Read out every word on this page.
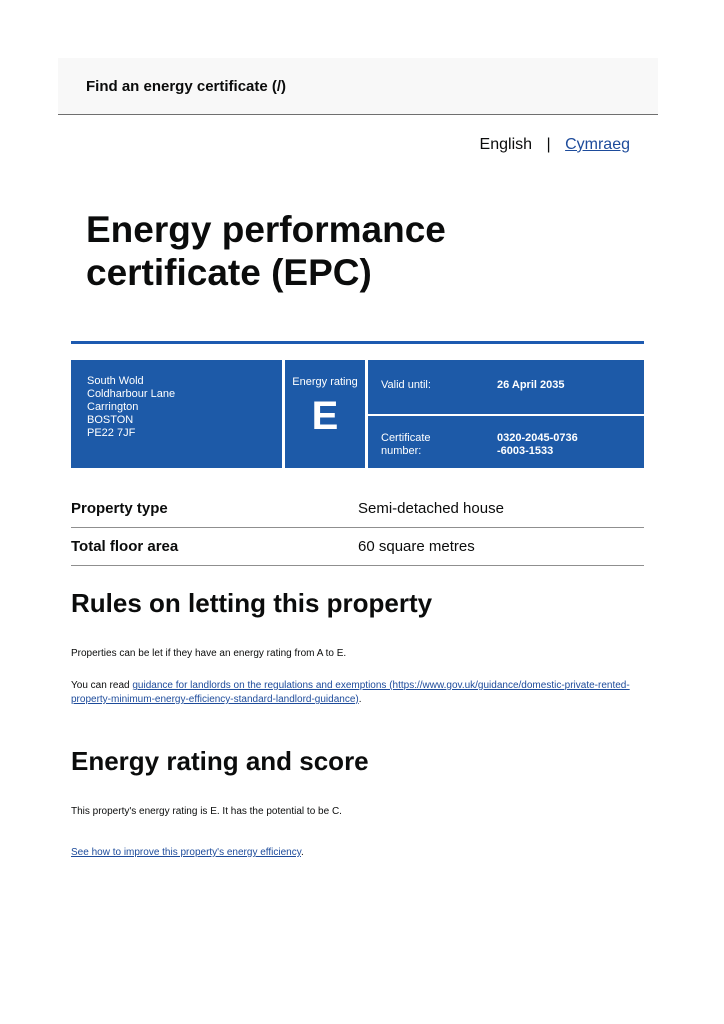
Find an energy certificate (/)
English | Cymraeg
Energy performance certificate (EPC)
South Wold
Coldharbour Lane
Carrington
BOSTON
PE22 7JF
Energy rating
E
Valid until:	26 April 2035
Certificate number:
0320-2045-0736
-6003-1533
Property type	Semi-detached house
Total floor area	60 square metres
Rules on letting this property

Properties can be let if they have an energy rating from A to E.

You can read guidance for landlords on the regulations and exemptions (https://www.gov.uk/guidance/domestic-private-rented-property-minimum-energy-efficiency-standard-landlord-guidance).

Energy rating and score

This property's energy rating is E. It has the potential to be C.

See how to improve this property's energy efficiency.
